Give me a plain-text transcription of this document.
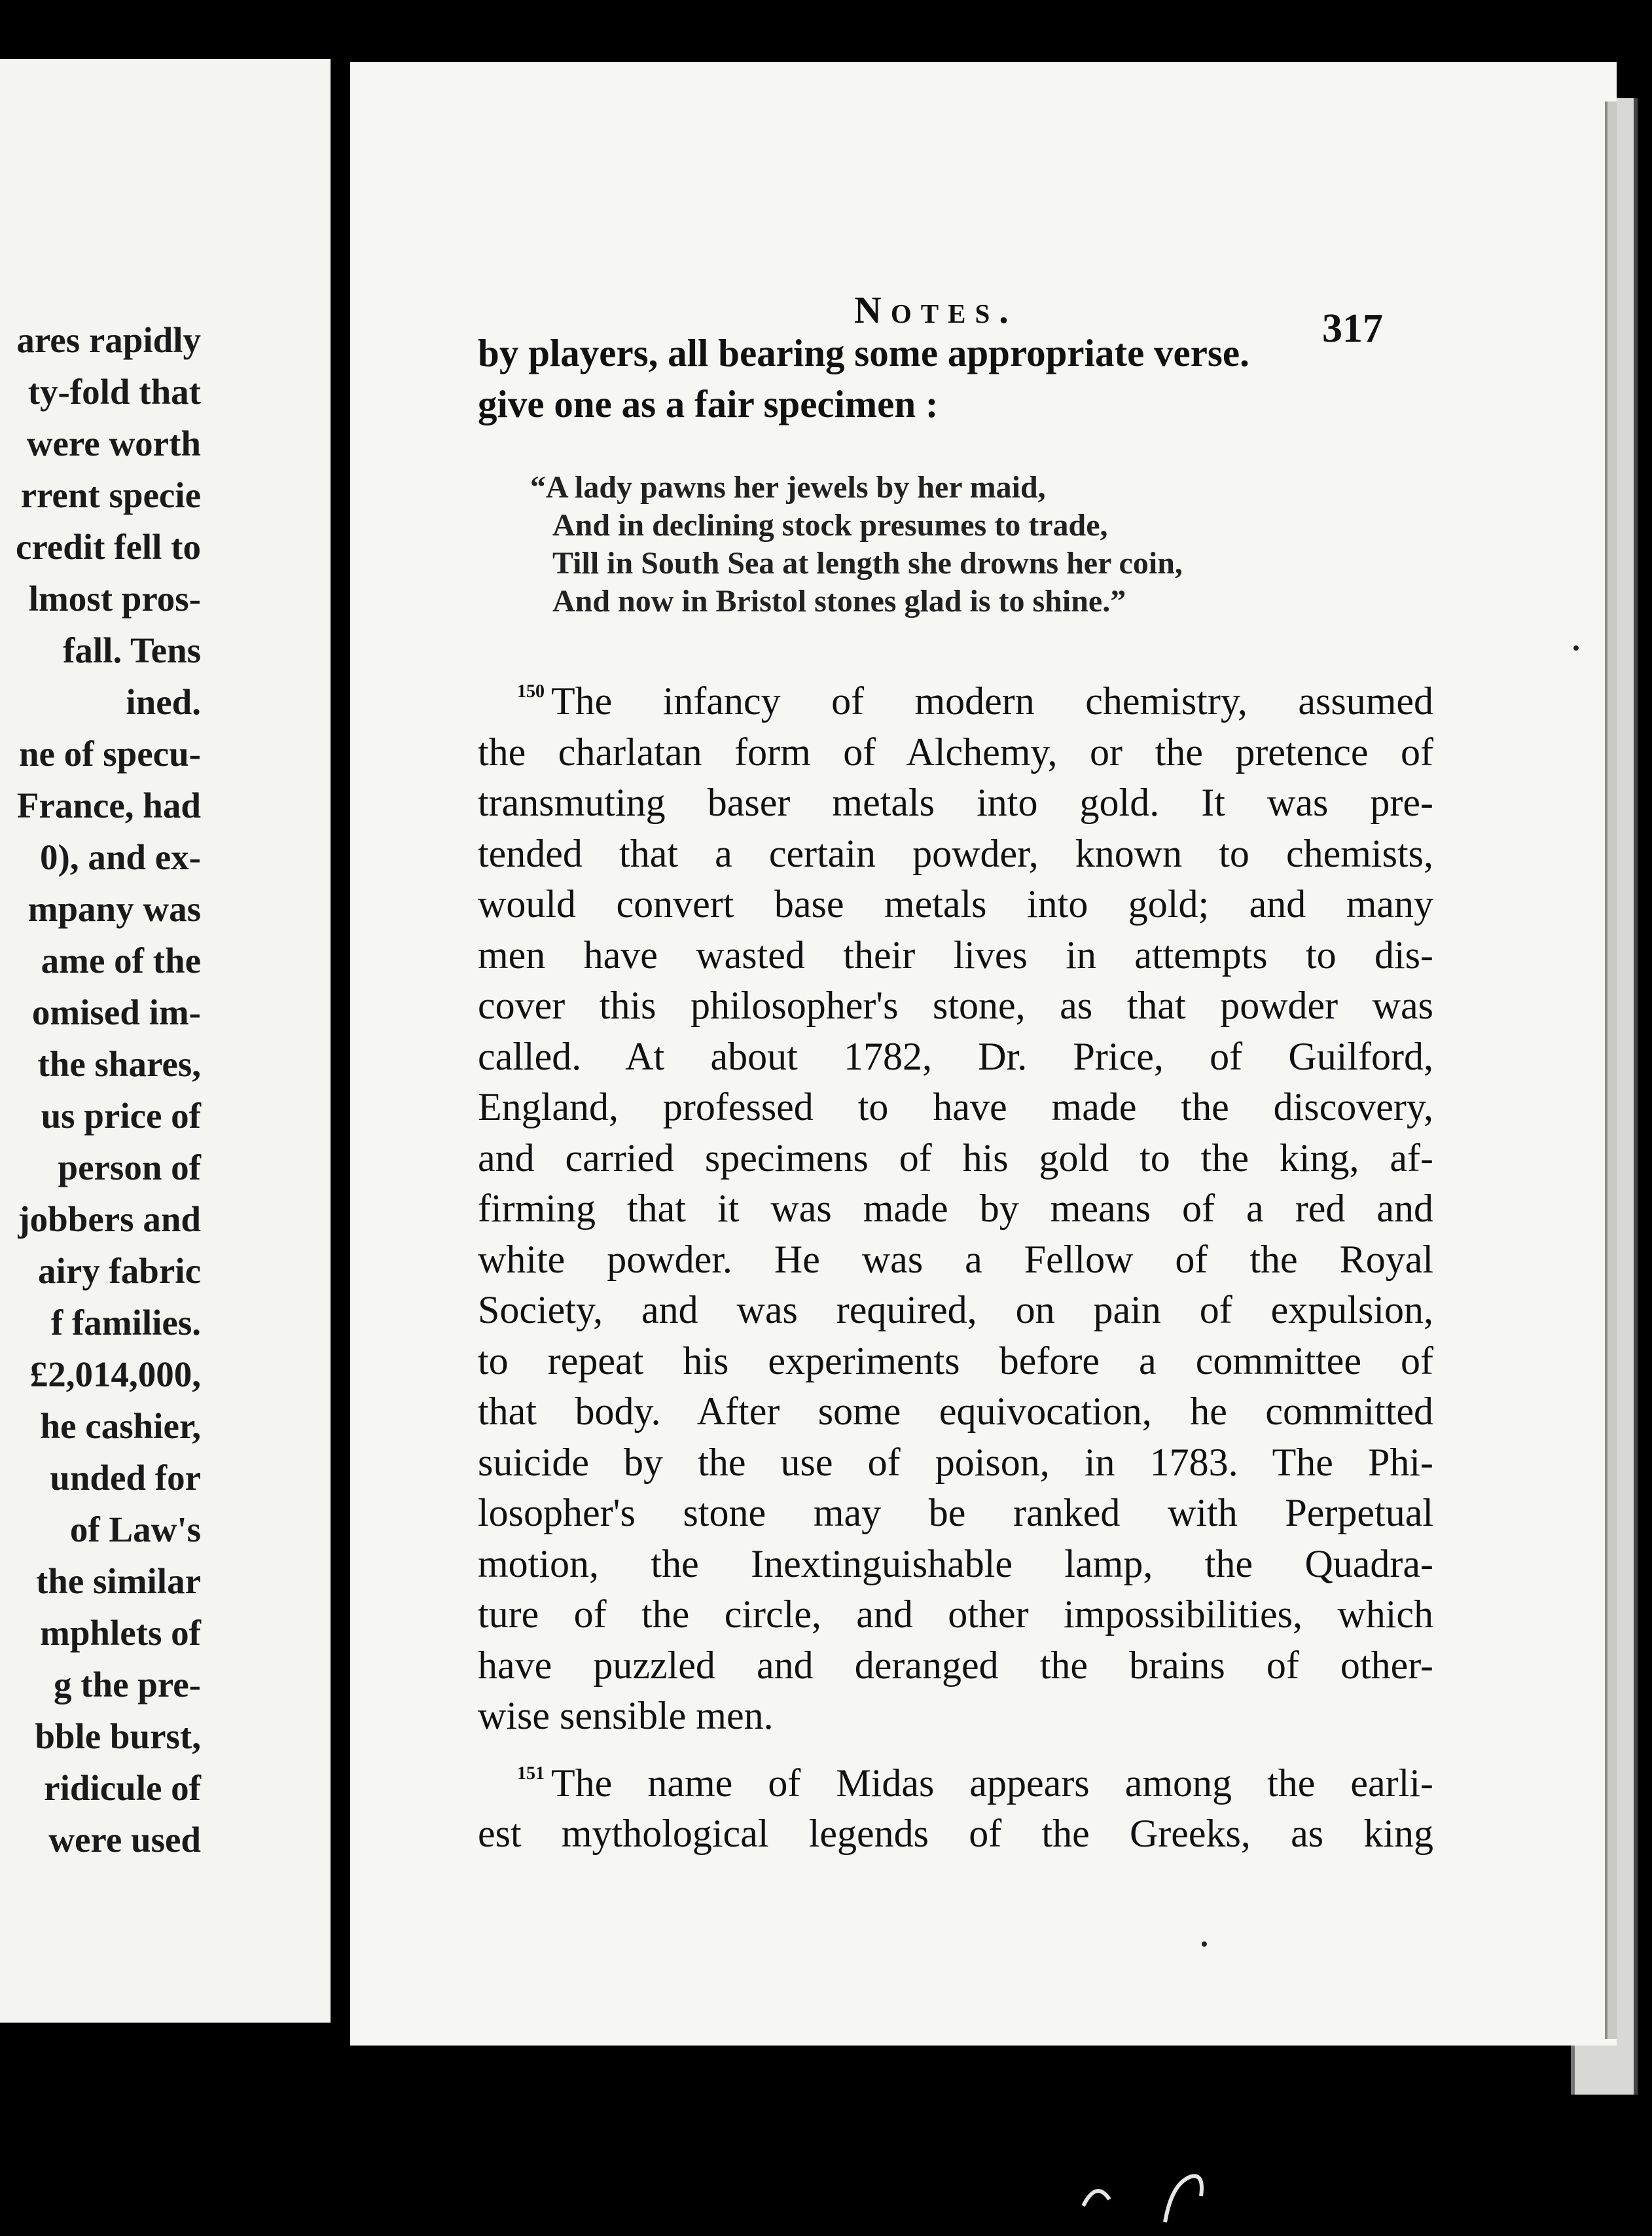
ares rapidly
ty-fold that
were worth
rrent specie
credit fell to
lmost pros-
fall. Tens
ined.
ne of specu-
France, had
0), and ex-
mpany was
ame of the
omised im-
the shares,
us price of
person of
jobbers and
airy fabric
f families.
£2,014,000,
he cashier,
unded for
of Law's
the similar
mphlets of
g the pre-
bble burst,
ridicule of
were used
Notes.	317
by players, all bearing some appropriate verse.
give one as a fair specimen :
“A lady pawns her jewels by her maid,
And in declining stock presumes to trade,
Till in South Sea at length she drowns her coin,
And now in Bristol stones glad is to shine.”
$^{150}$ The infancy of modern chemistry, assumed
the charlatan form of Alchemy, or the pretence of
transmuting baser metals into gold. It was pre-
tended that a certain powder, known to chemists,
would convert base metals into gold; and many
men have wasted their lives in attempts to dis-
cover this philosopher's stone, as that powder was
called. At about 1782, Dr. Price, of Guilford,
England, professed to have made the discovery,
and carried specimens of his gold to the king, af-
firming that it was made by means of a red and
white powder. He was a Fellow of the Royal
Society, and was required, on pain of expulsion,
to repeat his experiments before a committee of
that body. After some equivocation, he committed
suicide by the use of poison, in 1783. The Phi-
losopher's stone may be ranked with Perpetual
motion, the Inextinguishable lamp, the Quadra-
ture of the circle, and other impossibilities, which
have puzzled and deranged the brains of other-
wise sensible men.
$^{151}$ The name of Midas appears among the earli-
est mythological legends of the Greeks, as king
